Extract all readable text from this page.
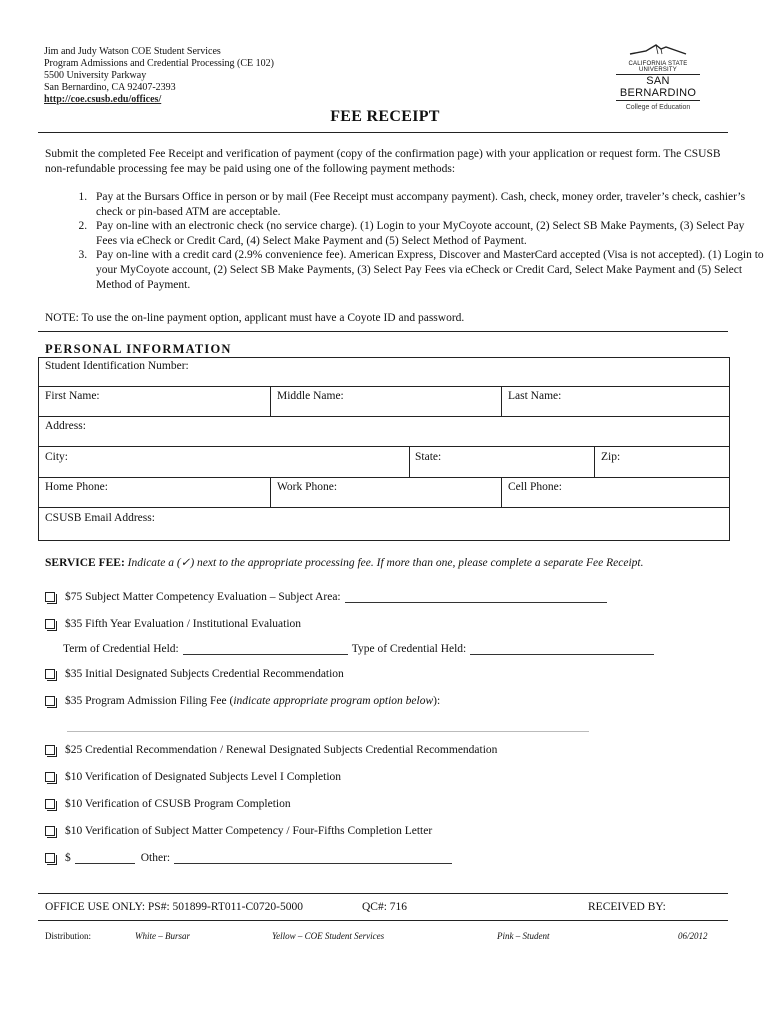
Jim and Judy Watson COE Student Services
Program Admissions and Credential Processing (CE 102)
5500 University Parkway
San Bernardino, CA 92407-2393
http://coe.csusb.edu/offices/
CALIFORNIA STATE UNIVERSITY
SAN BERNARDINO
College of Education
FEE RECEIPT
Submit the completed Fee Receipt and verification of payment (copy of the confirmation page) with your application or request form. The CSUSB non-refundable processing fee may be paid using one of the following payment methods:
1. Pay at the Bursars Office in person or by mail (Fee Receipt must accompany payment). Cash, check, money order, traveler’s check, cashier’s check or pin-based ATM are acceptable.
2. Pay on-line with an electronic check (no service charge). (1) Login to your MyCoyote account, (2) Select SB Make Payments, (3) Select Pay Fees via eCheck or Credit Card, (4) Select Make Payment and (5) Select Method of Payment.
3. Pay on-line with a credit card (2.9% convenience fee). American Express, Discover and MasterCard accepted (Visa is not accepted). (1) Login to your MyCoyote account, (2) Select SB Make Payments, (3) Select Pay Fees via eCheck or Credit Card, Select Make Payment and (5) Select Method of Payment.
NOTE: To use the on-line payment option, applicant must have a Coyote ID and password.
PERSONAL INFORMATION
Student Identification Number:
First Name:	Middle Name:	Last Name:
Address:
City:	State:	Zip:
Home Phone:	Work Phone:	Cell Phone:
CSUSB Email Address:
SERVICE FEE: Indicate a (✓) next to the appropriate processing fee. If more than one, please complete a separate Fee Receipt.
$75 Subject Matter Competency Evaluation – Subject Area:
$35 Fifth Year Evaluation / Institutional Evaluation
Term of Credential Held:	Type of Credential Held:
$35 Initial Designated Subjects Credential Recommendation
$35 Program Admission Filing Fee ( indicate appropriate program option below ):
$25 Credential Recommendation / Renewal Designated Subjects Credential Recommendation
$10 Verification of Designated Subjects Level I Completion
$10 Verification of CSUSB Program Completion
$10 Verification of Subject Matter Competency / Four-Fifths Completion Letter
$	Other:
OFFICE USE ONLY: PS#: 501899-RT011-C0720-5000	QC#: 716	RECEIVED BY:
Distribution:	White – Bursar	Yellow – COE Student Services	Pink – Student	06/2012
